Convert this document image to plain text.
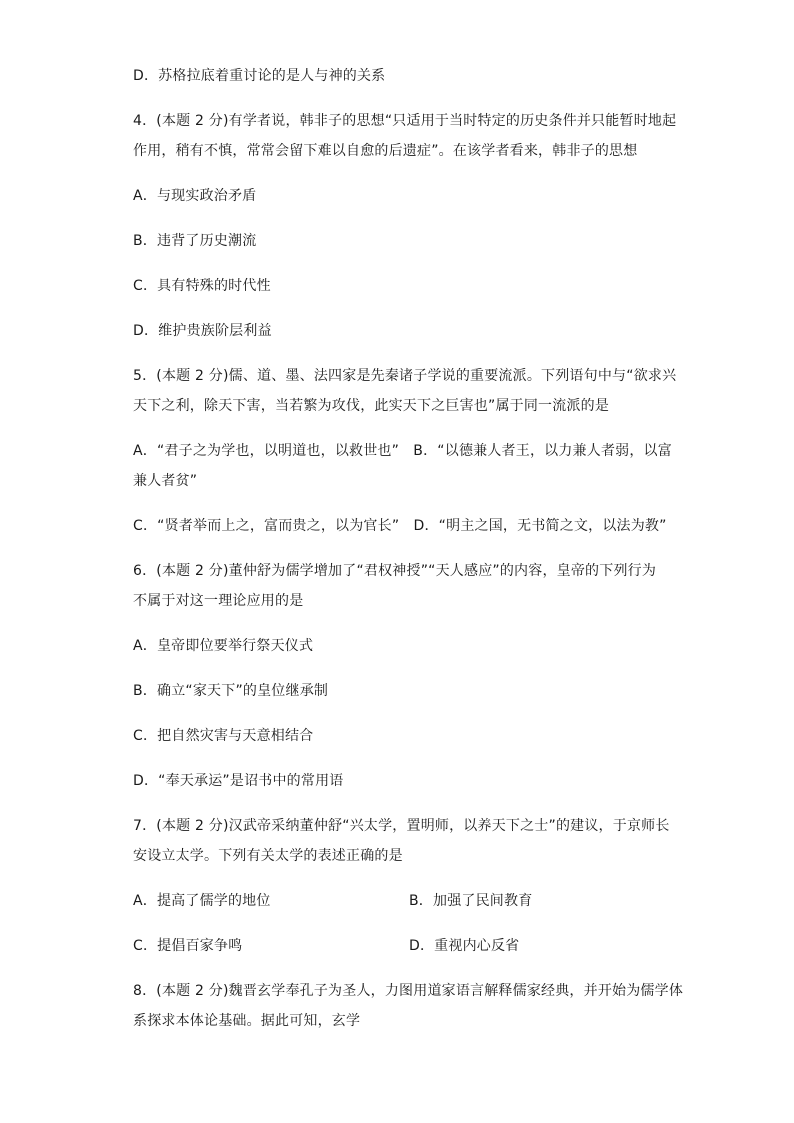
D．苏格拉底着重讨论的是人与神的关系
4．(本题 2 分)有学者说，韩非子的思想“只适用于当时特定的历史条件并只能暂时地起
作用，稍有不慎，常常会留下难以自愈的后遗症”。在该学者看来，韩非子的思想
A．与现实政治矛盾
B．违背了历史潮流
C．具有特殊的时代性
D．维护贵族阶层利益
5．(本题 2 分)儒、道、墨、法四家是先秦诸子学说的重要流派。下列语句中与“欲求兴
天下之利，除天下害，当若繁为攻伐，此实天下之巨害也”属于同一流派的是
A．“君子之为学也，以明道也，以救世也”　B．“以德兼人者王，以力兼人者弱，以富
兼人者贫”
C．“贤者举而上之，富而贵之，以为官长”　D．“明主之国，无书简之文，以法为教”
6．(本题 2 分)董仲舒为儒学增加了“君权神授”“天人感应”的内容，皇帝的下列行为
不属于对这一理论应用的是
A．皇帝即位要举行祭天仪式
B．确立“家天下”的皇位继承制
C．把自然灾害与天意相结合
D．“奉天承运”是诏书中的常用语
7．(本题 2 分)汉武帝采纳董仲舒“兴太学，置明师，以养天下之士”的建议，于京师长
安设立太学。下列有关太学的表述正确的是
A．提高了儒学的地位	B．加强了民间教育
C．提倡百家争鸣	D．重视内心反省
8．(本题 2 分)魏晋玄学奉孔子为圣人，力图用道家语言解释儒家经典，并开始为儒学体
系探求本体论基础。据此可知，玄学
